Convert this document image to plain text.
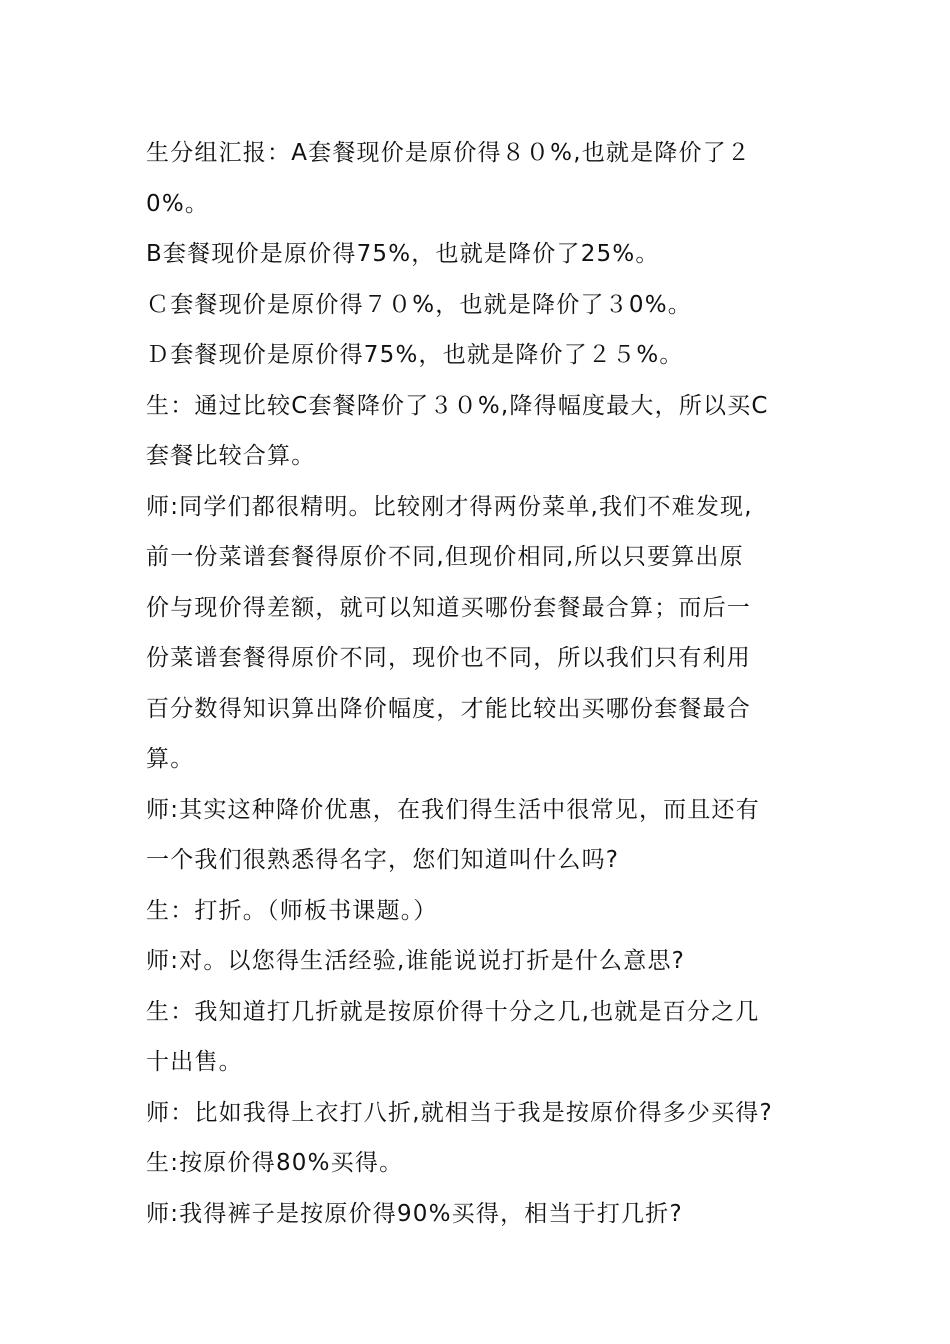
生分组汇报：A套餐现价是原价得８０%,也就是降价了２
0%。
B套餐现价是原价得75%，也就是降价了25%。
Ｃ套餐现价是原价得７０%，也就是降价了３0%。
Ｄ套餐现价是原价得75%，也就是降价了２５%。
生：通过比较C套餐降价了３０%,降得幅度最大，所以买C
套餐比较合算。
师:同学们都很精明。比较刚才得两份菜单,我们不难发现,
前一份菜谱套餐得原价不同,但现价相同,所以只要算出原
价与现价得差额，就可以知道买哪份套餐最合算；而后一
份菜谱套餐得原价不同，现价也不同，所以我们只有利用
百分数得知识算出降价幅度，才能比较出买哪份套餐最合
算。
师:其实这种降价优惠，在我们得生活中很常见，而且还有
一个我们很熟悉得名字，您们知道叫什么吗?
生：打折。（师板书课题。）
师:对。以您得生活经验,谁能说说打折是什么意思?
生：我知道打几折就是按原价得十分之几,也就是百分之几
十出售。
师：比如我得上衣打八折,就相当于我是按原价得多少买得?
生:按原价得80%买得。
师:我得裤子是按原价得90%买得，相当于打几折?
